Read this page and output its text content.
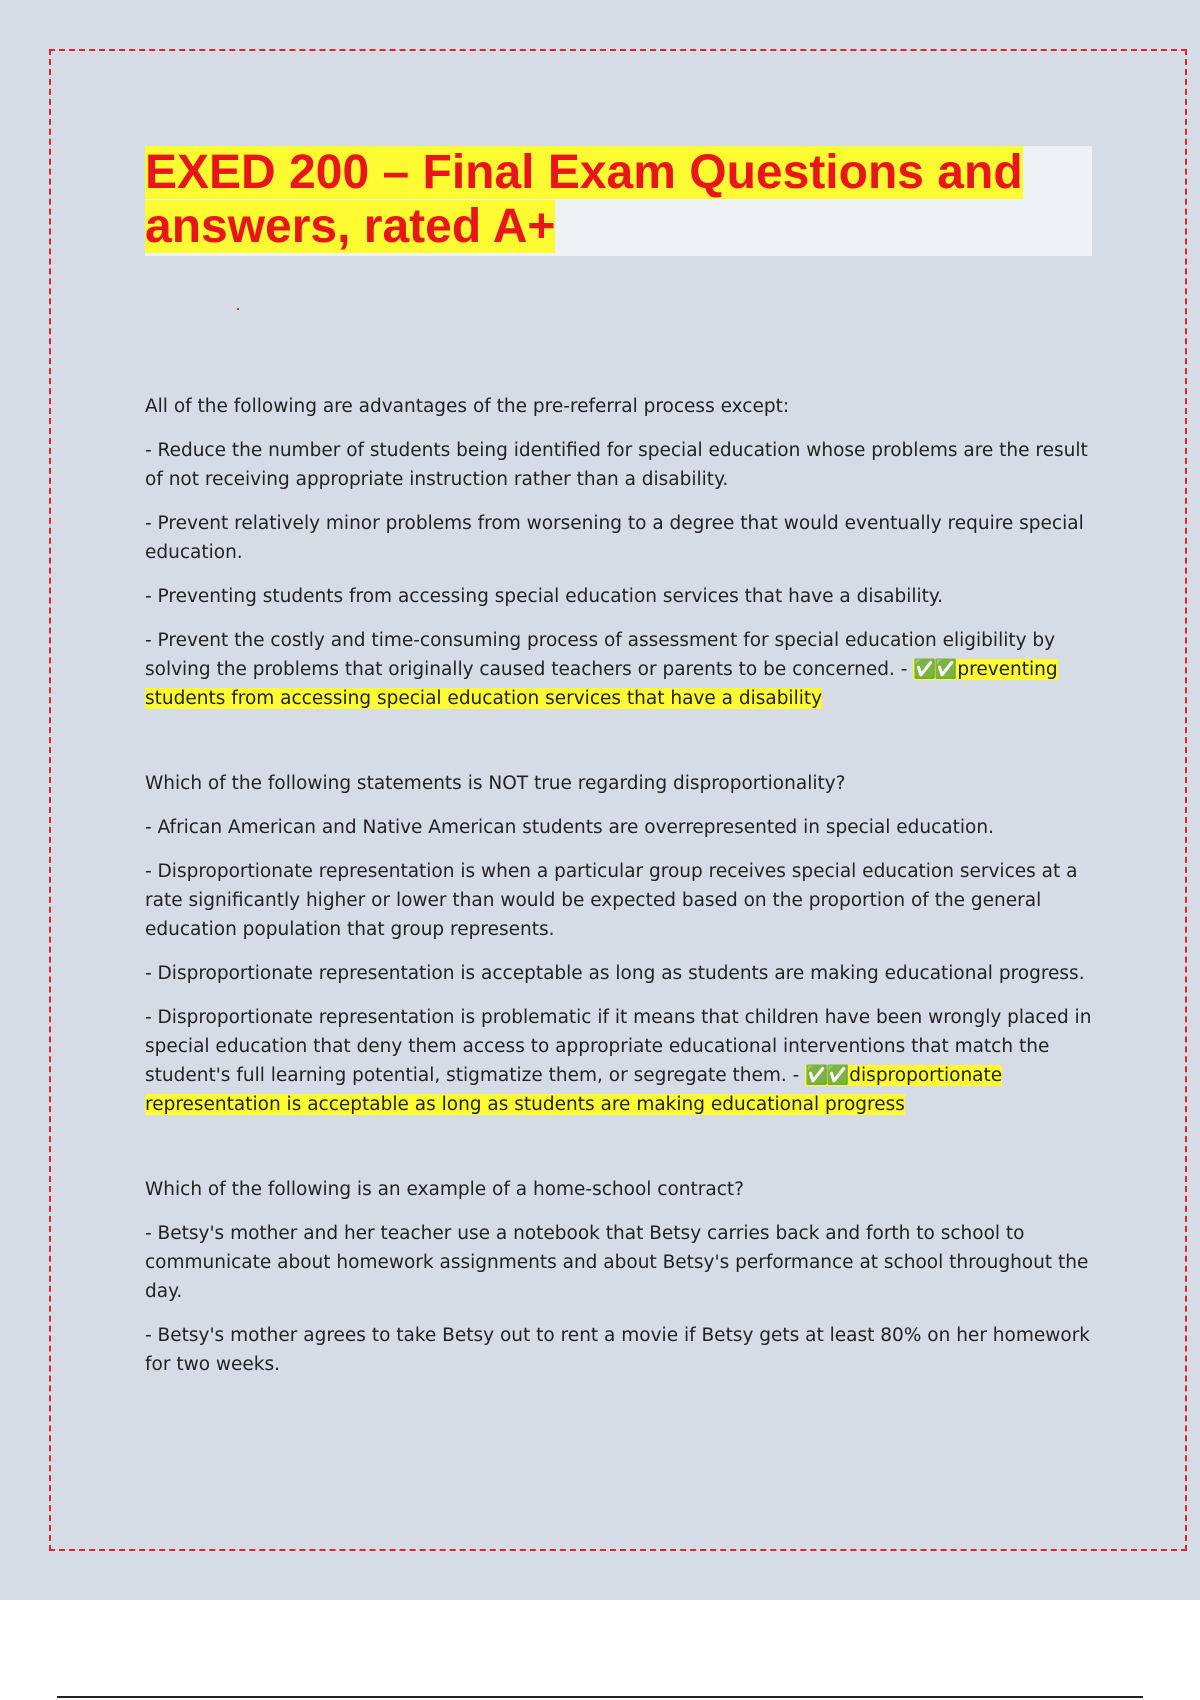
EXED 200 – Final Exam Questions and answers, rated A+

All of the following are advantages of the pre-referral process except:

- Reduce the number of students being identified for special education whose problems are the result of not receiving appropriate instruction rather than a disability.

- Prevent relatively minor problems from worsening to a degree that would eventually require special education.

- Preventing students from accessing special education services that have a disability.

- Prevent the costly and time-consuming process of assessment for special education eligibility by solving the problems that originally caused teachers or parents to be concerned. - ✅✅ preventing students from accessing special education services that have a disability

Which of the following statements is NOT true regarding disproportionality?

- African American and Native American students are overrepresented in special education.

- Disproportionate representation is when a particular group receives special education services at a rate significantly higher or lower than would be expected based on the proportion of the general education population that group represents.

- Disproportionate representation is acceptable as long as students are making educational progress.

- Disproportionate representation is problematic if it means that children have been wrongly placed in special education that deny them access to appropriate educational interventions that match the student's full learning potential, stigmatize them, or segregate them. - ✅✅ disproportionate representation is acceptable as long as students are making educational progress

Which of the following is an example of a home-school contract?

- Betsy's mother and her teacher use a notebook that Betsy carries back and forth to school to communicate about homework assignments and about Betsy's performance at school throughout the day.

- Betsy's mother agrees to take Betsy out to rent a movie if Betsy gets at least 80% on her homework for two weeks.
